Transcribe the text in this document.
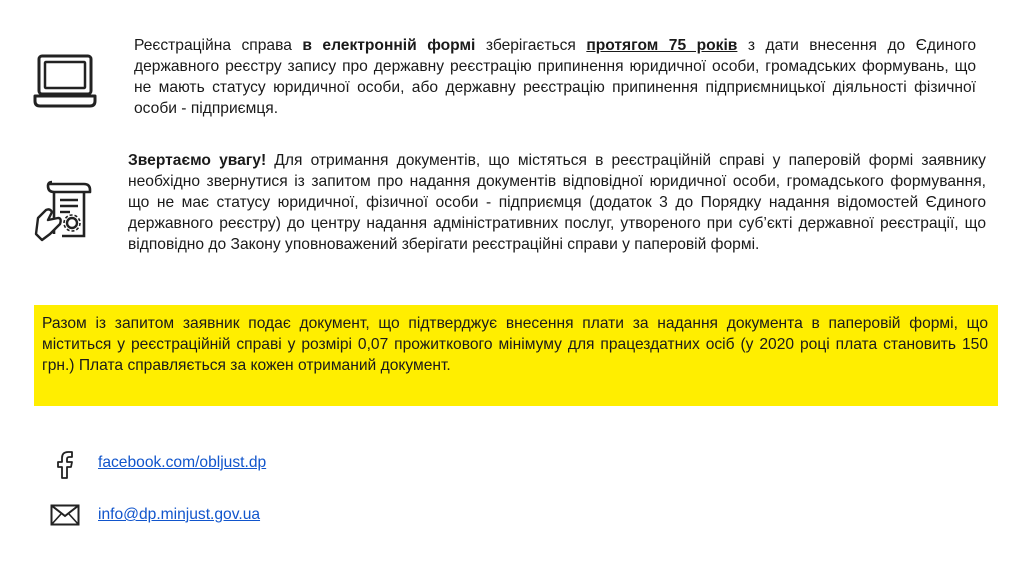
Реєстраційна справа в електронній формі зберігається протягом 75 років з дати внесення до Єдиного державного реєстру запису про державну реєстрацію припинення юридичної особи, громадських формувань, що не мають статусу юридичної особи, або державну реєстрацію припинення підприємницької діяльності фізичної особи - підприємця.

Звертаємо увагу! Для отримання документів, що містяться в реєстраційній справі у паперовій формі заявнику необхідно звернутися із запитом про надання документів відповідної юридичної особи, громадського формування, що не має статусу юридичної, фізичної особи - підприємця (додаток 3 до Порядку надання відомостей Єдиного державного реєстру) до центру надання адміністративних послуг, утвореного при суб’єкті державної реєстрації, що відповідно до Закону уповноважений зберігати реєстраційні справи у паперовій формі.

Разом із запитом заявник подає документ, що підтверджує внесення плати за надання документа в паперовій формі, що міститься у реєстраційній справі у розмірі 0,07 прожиткового мінімуму для працездатних осіб (у 2020 році плата становить 150 грн.) Плата справляється за кожен отриманий документ.

facebook.com/obljust.dp
info@dp.minjust.gov.ua
